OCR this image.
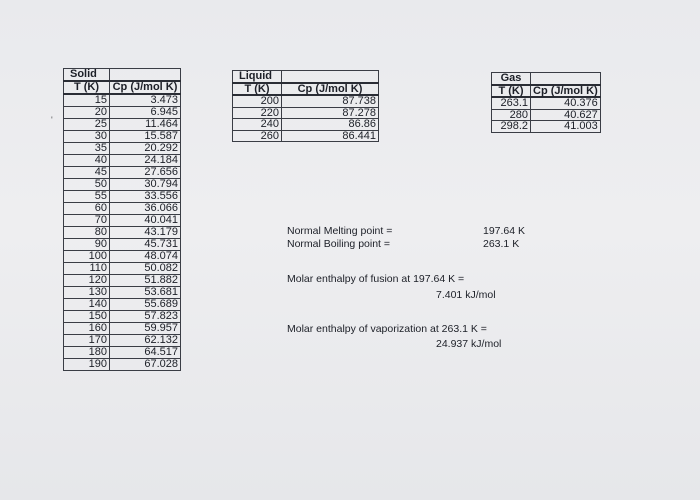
'
Solid	
T (K)	Cp (J/mol K)
15	3.473
20	6.945
25	11.464
30	15.587
35	20.292
40	24.184
45	27.656
50	30.794
55	33.556
60	36.066
70	40.041
80	43.179
90	45.731
100	48.074
110	50.082
120	51.882
130	53.681
140	55.689
150	57.823
160	59.957
170	62.132
180	64.517
190	67.028
Liquid	
T (K)	Cp (J/mol K)
200	87.738
220	87.278
240	86.86
260	86.441
Gas	
T (K)	Cp (J/mol K)
263.1	40.376
280	40.627
298.2	41.003
Normal Melting point =	197.64 K
Normal Boiling point =	263.1 K
Molar enthalpy of fusion at 197.64 K =
7.401 kJ/mol
Molar enthalpy of vaporization at 263.1 K =
24.937 kJ/mol
